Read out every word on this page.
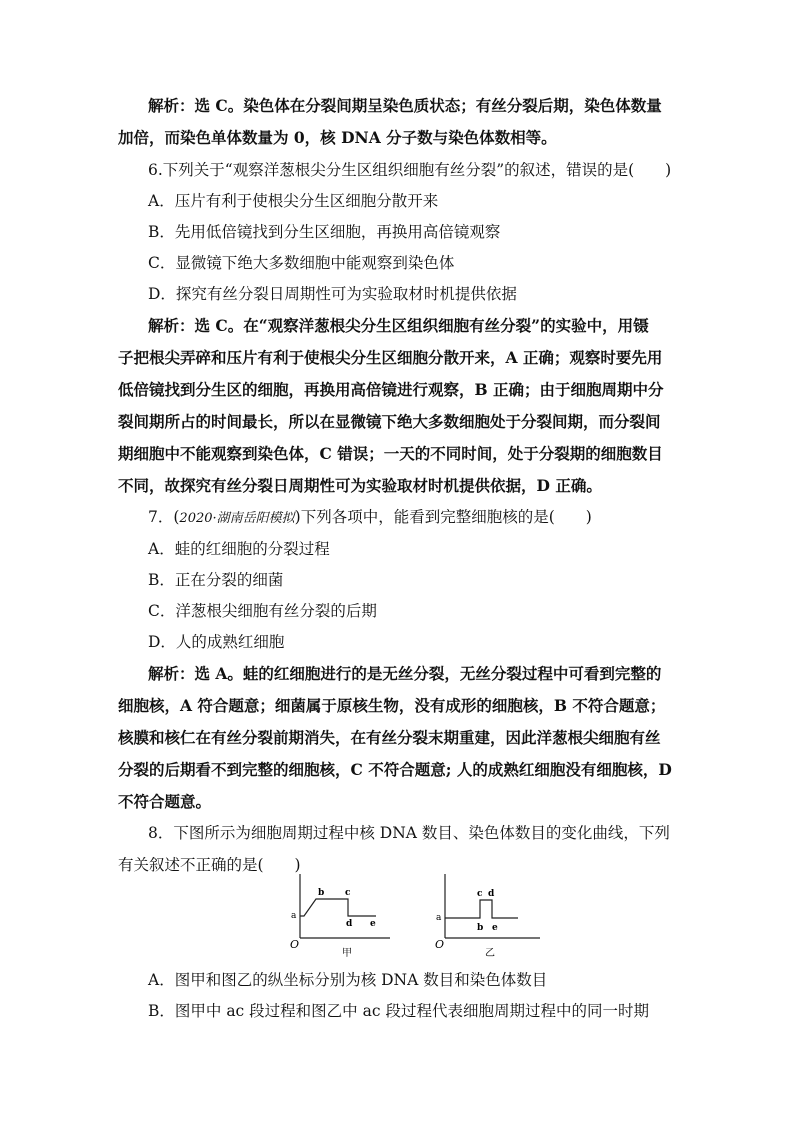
解析：选 C。染色体在分裂间期呈染色质状态；有丝分裂后期，染色体数量
加倍，而染色单体数量为 0，核 DNA 分子数与染色体数相等。
6.下列关于“观察洋葱根尖分生区组织细胞有丝分裂”的叙述，错误的是(　　)
A．压片有利于使根尖分生区细胞分散开来
B．先用低倍镜找到分生区细胞，再换用高倍镜观察
C．显微镜下绝大多数细胞中能观察到染色体
D．探究有丝分裂日周期性可为实验取材时机提供依据
解析：选 C。在“观察洋葱根尖分生区组织细胞有丝分裂”的实验中，用镊
子把根尖弄碎和压片有利于使根尖分生区细胞分散开来，A 正确；观察时要先用
低倍镜找到分生区的细胞，再换用高倍镜进行观察，B 正确；由于细胞周期中分
裂间期所占的时间最长，所以在显微镜下绝大多数细胞处于分裂间期，而分裂间
期细胞中不能观察到染色体，C 错误；一天的不同时间，处于分裂期的细胞数目
不同，故探究有丝分裂日周期性可为实验取材时机提供依据，D 正确。
7．(2020·湖南岳阳模拟)下列各项中，能看到完整细胞核的是(　　)
A．蛙的红细胞的分裂过程
B．正在分裂的细菌
C．洋葱根尖细胞有丝分裂的后期
D．人的成熟红细胞
解析：选 A。蛙的红细胞进行的是无丝分裂，无丝分裂过程中可看到完整的
细胞核，A 符合题意；细菌属于原核生物，没有成形的细胞核，B 不符合题意；
核膜和核仁在有丝分裂前期消失，在有丝分裂末期重建，因此洋葱根尖细胞有丝
分裂的后期看不到完整的细胞核，C 不符合题意; 人的成熟红细胞没有细胞核，D
不符合题意。
8．下图所示为细胞周期过程中核 DNA 数目、染色体数目的变化曲线，下列
有关叙述不正确的是(　　)
a
b c
d e
O
甲
a
b
c d
e
O
乙
A．图甲和图乙的纵坐标分别为核 DNA 数目和染色体数目
B．图甲中 ac 段过程和图乙中 ac 段过程代表细胞周期过程中的同一时期
